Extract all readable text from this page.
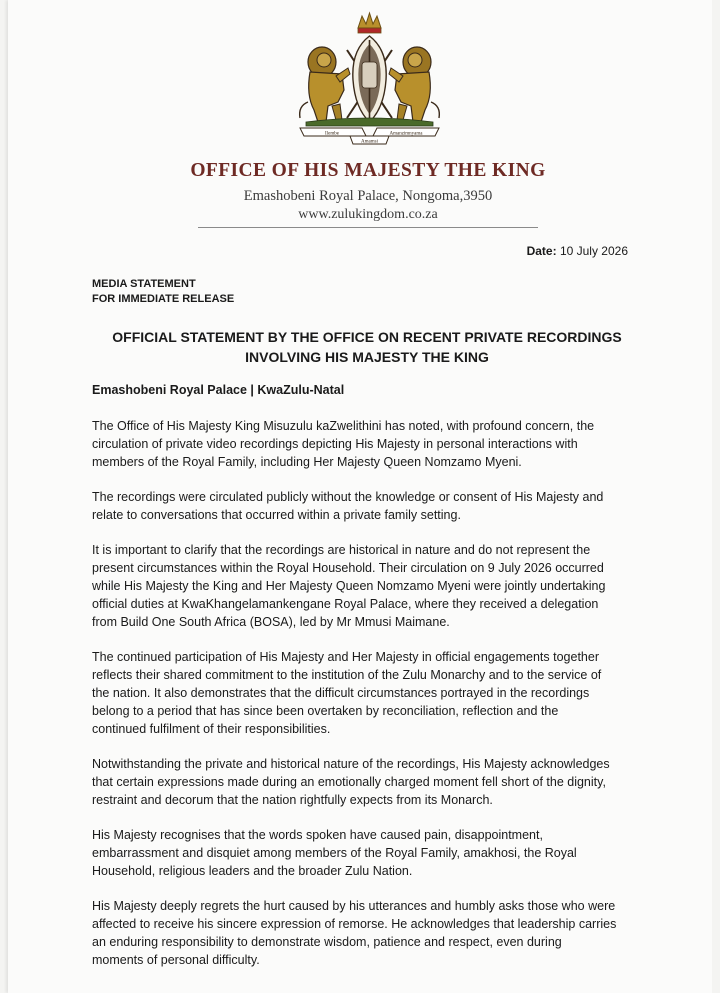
Ilembe	Amanzimnyama
Amamsi
OFFICE OF HIS MAJESTY THE KING
Emashobeni Royal Palace, Nongoma,3950
www.zulukingdom.co.za
Date: 10 July 2026
MEDIA STATEMENT
FOR IMMEDIATE RELEASE
OFFICIAL STATEMENT BY THE OFFICE ON RECENT PRIVATE RECORDINGS
INVOLVING HIS MAJESTY THE KING
Emashobeni Royal Palace | KwaZulu-Natal

The Office of His Majesty King Misuzulu kaZwelithini has noted, with profound concern, the
circulation of private video recordings depicting His Majesty in personal interactions with
members of the Royal Family, including Her Majesty Queen Nomzamo Myeni.

The recordings were circulated publicly without the knowledge or consent of His Majesty and
relate to conversations that occurred within a private family setting.

It is important to clarify that the recordings are historical in nature and do not represent the
present circumstances within the Royal Household. Their circulation on 9 July 2026 occurred
while His Majesty the King and Her Majesty Queen Nomzamo Myeni were jointly undertaking
official duties at KwaKhangelamankengane Royal Palace, where they received a delegation
from Build One South Africa (BOSA), led by Mr Mmusi Maimane.

The continued participation of His Majesty and Her Majesty in official engagements together
reflects their shared commitment to the institution of the Zulu Monarchy and to the service of
the nation. It also demonstrates that the difficult circumstances portrayed in the recordings
belong to a period that has since been overtaken by reconciliation, reflection and the
continued fulfilment of their responsibilities.

Notwithstanding the private and historical nature of the recordings, His Majesty acknowledges
that certain expressions made during an emotionally charged moment fell short of the dignity,
restraint and decorum that the nation rightfully expects from its Monarch.

His Majesty recognises that the words spoken have caused pain, disappointment,
embarrassment and disquiet among members of the Royal Family, amakhosi, the Royal
Household, religious leaders and the broader Zulu Nation.

His Majesty deeply regrets the hurt caused by his utterances and humbly asks those who were
affected to receive his sincere expression of remorse. He acknowledges that leadership carries
an enduring responsibility to demonstrate wisdom, patience and respect, even during
moments of personal difficulty.
